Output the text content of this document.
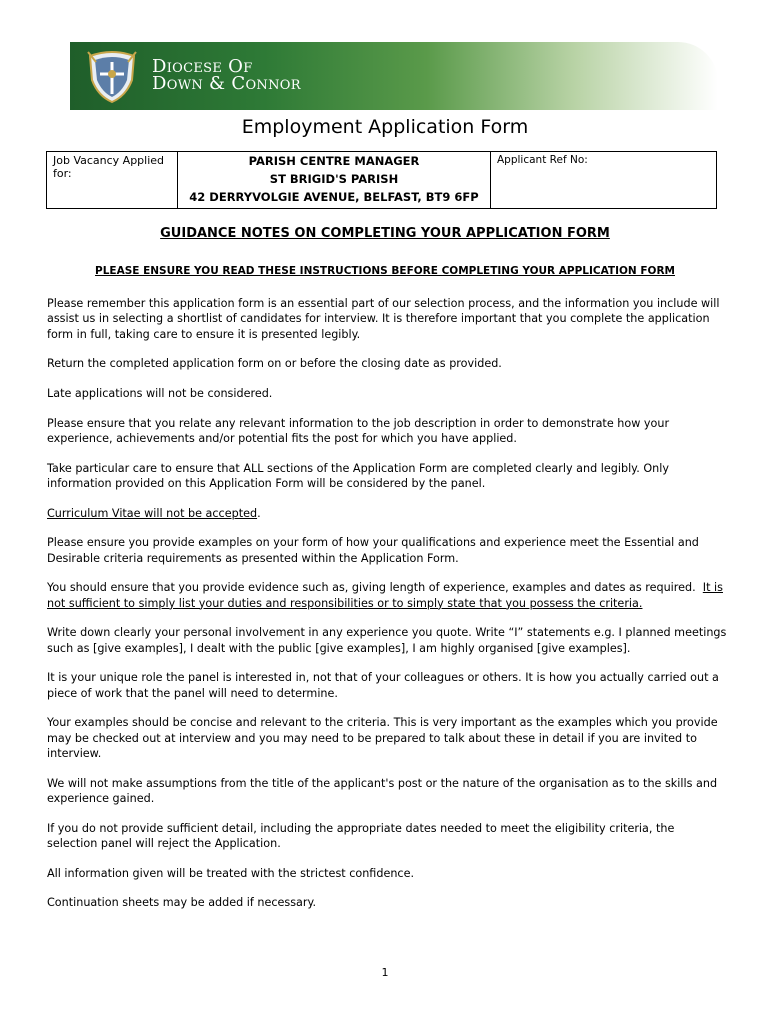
Diocese Of
Down & Connor
Employment Application Form
Job Vacancy Applied for:	
PARISH CENTRE MANAGER
ST BRIGID'S PARISH
42 DERRYVOLGIE AVENUE, BELFAST, BT9 6FP
	Applicant Ref No:
GUIDANCE NOTES ON COMPLETING YOUR APPLICATION FORM
PLEASE ENSURE YOU READ THESE INSTRUCTIONS BEFORE COMPLETING YOUR APPLICATION FORM

Please remember this application form is an essential part of our selection process, and the information you include will assist us in selecting a shortlist of candidates for interview. It is therefore important that you complete the application form in full, taking care to ensure it is presented legibly.

Return the completed application form on or before the closing date as provided.

Late applications will not be considered.

Please ensure that you relate any relevant information to the job description in order to demonstrate how your experience, achievements and/or potential fits the post for which you have applied.

Take particular care to ensure that ALL sections of the Application Form are completed clearly and legibly. Only information provided on this Application Form will be considered by the panel.

Curriculum Vitae will not be accepted.

Please ensure you provide examples on your form of how your qualifications and experience meet the Essential and Desirable criteria requirements as presented within the Application Form.

You should ensure that you provide evidence such as, giving length of experience, examples and dates as required.  It is not sufficient to simply list your duties and responsibilities or to simply state that you possess the criteria.

Write down clearly your personal involvement in any experience you quote. Write “I” statements e.g. I planned meetings such as [give examples], I dealt with the public [give examples], I am highly organised [give examples].

It is your unique role the panel is interested in, not that of your colleagues or others. It is how you actually carried out a piece of work that the panel will need to determine.

Your examples should be concise and relevant to the criteria. This is very important as the examples which you provide may be checked out at interview and you may need to be prepared to talk about these in detail if you are invited to interview.

We will not make assumptions from the title of the applicant's post or the nature of the organisation as to the skills and experience gained.

If you do not provide sufficient detail, including the appropriate dates needed to meet the eligibility criteria, the selection panel will reject the Application.

All information given will be treated with the strictest confidence.

Continuation sheets may be added if necessary.

1
